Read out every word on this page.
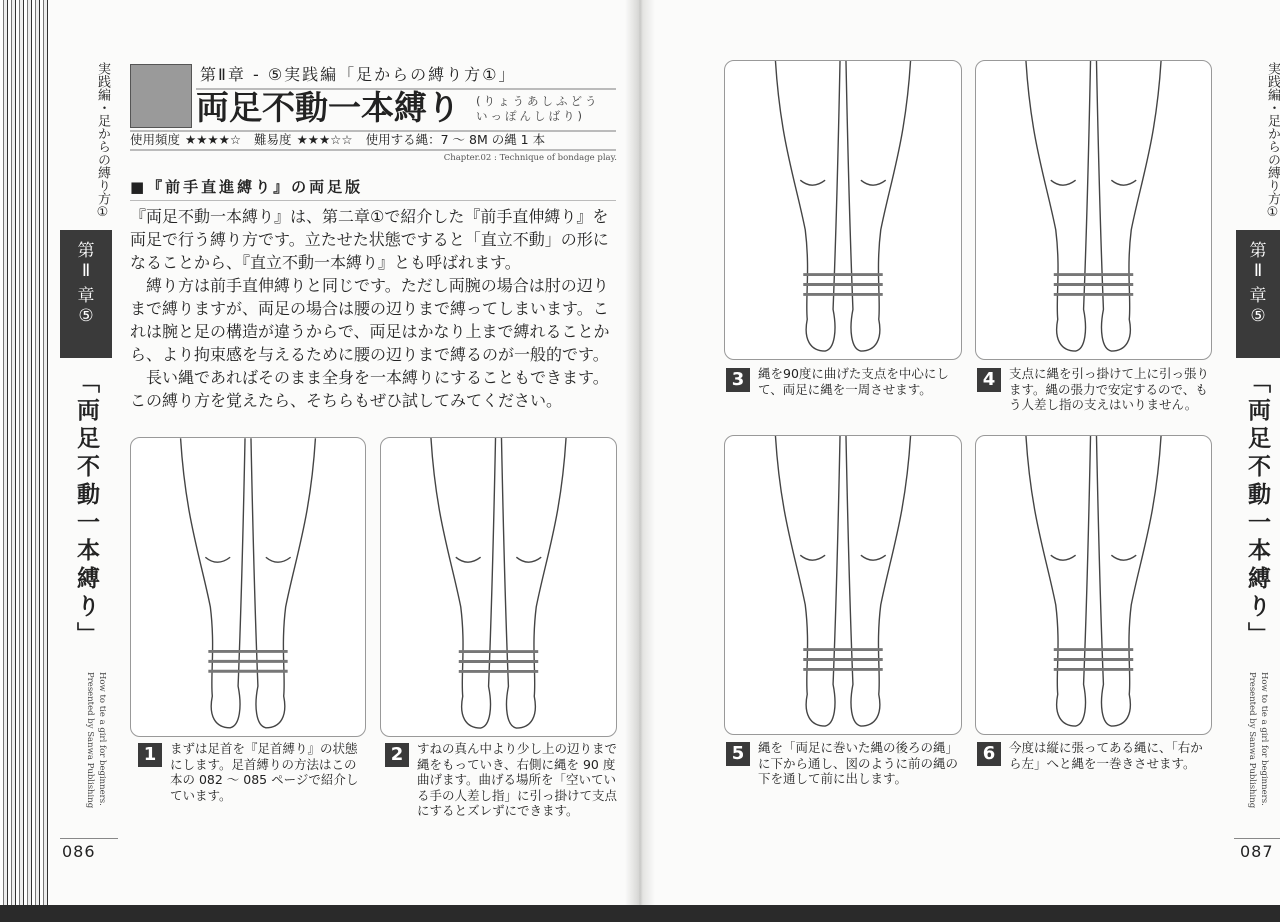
実践編・足からの縛り方①
第
Ⅱ
章
⑤
「両足不動一本縛り」
How to tie a girl for beginners.
Presented by Sanwa Publishing
086
第Ⅱ章 - ⑤実践編「足からの縛り方①」
両足不動一本縛り (りょうあしふどう
いっぽんしばり)
使用頻度 ★★★★☆ 難易度 ★★★☆☆ 使用する縄：7 ～ 8M の縄 1 本
Chapter.02 : Technique of bondage play.
■『前手直進縛り』の両足版

『両足不動一本縛り』は、第二章①で紹介した『前手直伸縛り』を両足で行う縛り方です。立たせた状態ですると「直立不動」の形になることから、『直立不動一本縛り』とも呼ばれます。

　縛り方は前手直伸縛りと同じです。ただし両腕の場合は肘の辺りまで縛りますが、両足の場合は腰の辺りまで縛ってしまいます。これは腕と足の構造が違うからで、両足はかなり上まで縛れることから、より拘束感を与えるために腰の辺りまで縛るのが一般的です。

　長い縄であればそのまま全身を一本縛りにすることもできます。この縛り方を覚えたら、そちらもぜひ試してみてください。

1	まずは足首を『足首縛り』の状態にします。足首縛りの方法はこの本の 082 ～ 085 ページで紹介しています。
2	すねの真ん中より少し上の辺りまで縄をもっていき、右側に縄を 90 度曲げます。曲げる場所を「空いている手の人差し指」に引っ掛けて支点にするとズレずにできます。
3	縄を90度に曲げた支点を中心にして、両足に縄を一周させます。	4	支点に縄を引っ掛けて上に引っ張ります。縄の張力で安定するので、もう人差し指の支えはいりません。
5	縄を「両足に巻いた縄の後ろの縄」に下から通し、図のように前の縄の下を通して前に出します。
6	今度は縦に張ってある縄に、「右から左」へと縄を一巻きさせます。
実践編・足からの縛り方①
第
Ⅱ
章
⑤
「両足不動一本縛り」
How to tie a girl for beginners.
Presented by Sanwa Publishing
087
